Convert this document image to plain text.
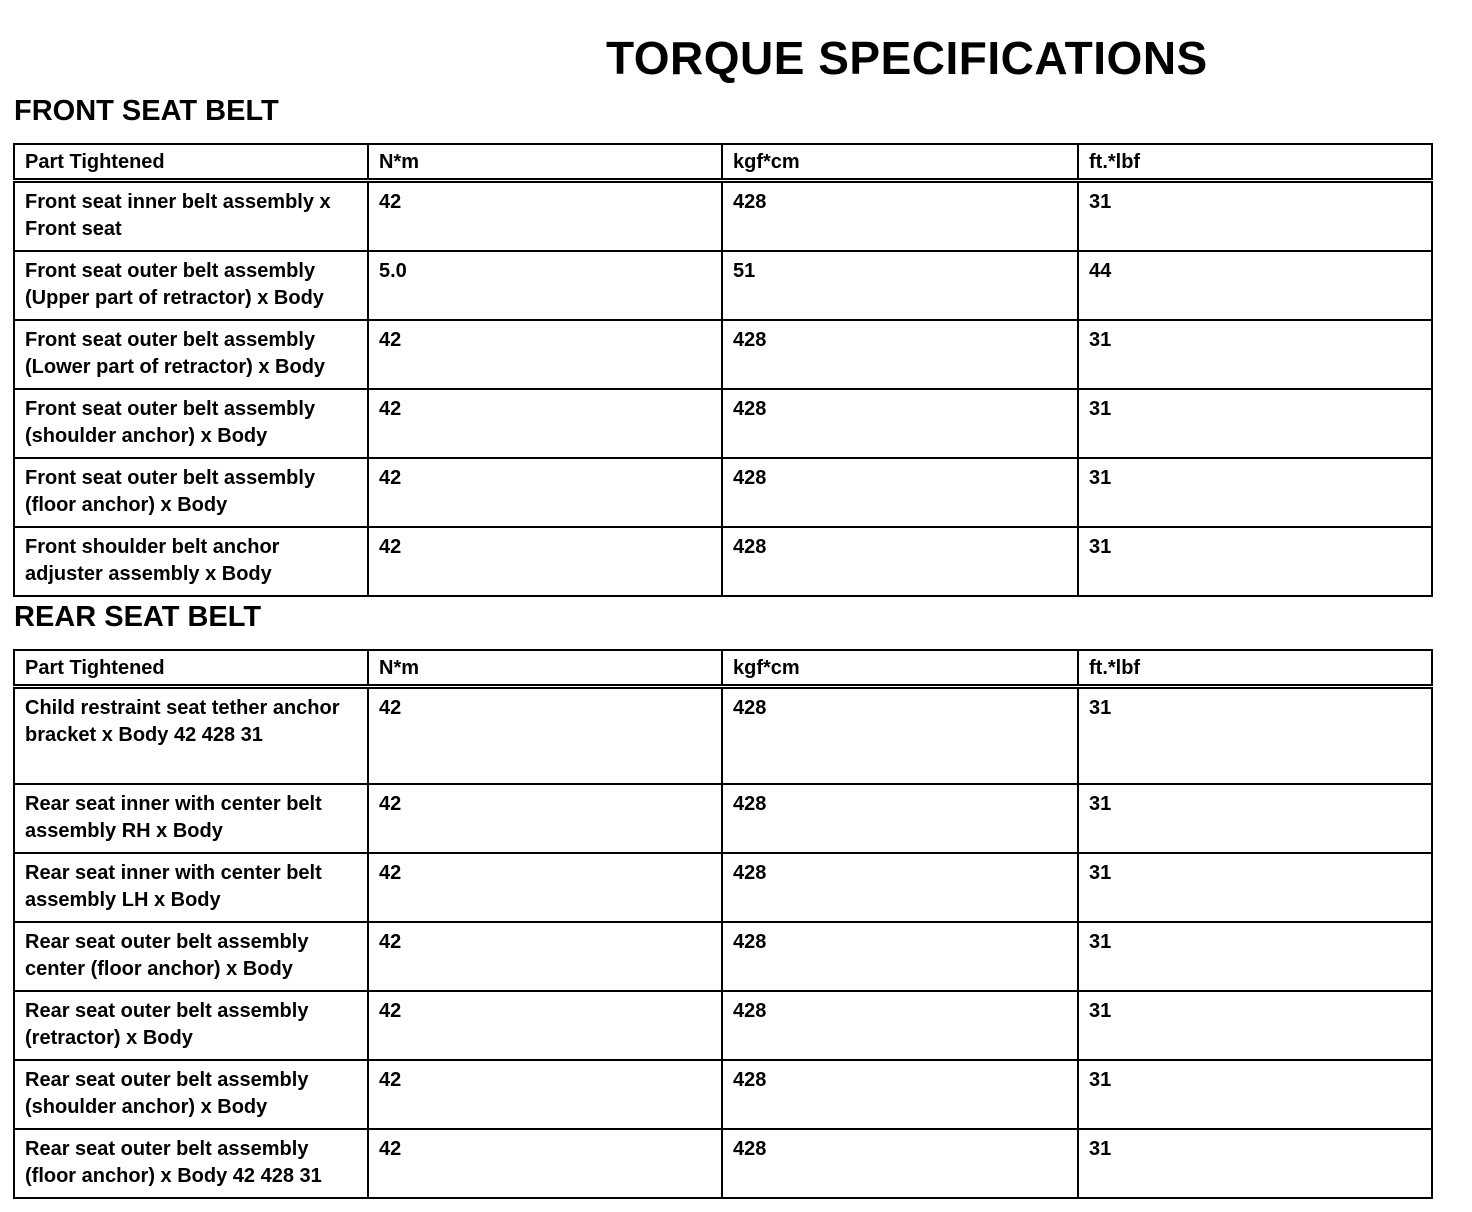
TORQUE SPECIFICATIONS
FRONT SEAT BELT
Part Tightened	N*m	kgf*cm	ft.*lbf
Front seat inner belt assembly x Front seat	42	428	31
Front seat outer belt assembly (Upper part of retractor) x Body	5.0	51	44
Front seat outer belt assembly (Lower part of retractor) x Body	42	428	31
Front seat outer belt assembly (shoulder anchor) x Body	42	428	31
Front seat outer belt assembly (floor anchor) x Body	42	428	31
Front shoulder belt anchor adjuster assembly x Body	42	428	31
REAR SEAT BELT
Part Tightened	N*m	kgf*cm	ft.*lbf
Child restraint seat tether anchor bracket x Body 42 428 31	42	428	31
Rear seat inner with center belt assembly RH x Body	42	428	31
Rear seat inner with center belt assembly LH x Body	42	428	31
Rear seat outer belt assembly center (floor anchor) x Body	42	428	31
Rear seat outer belt assembly (retractor) x Body	42	428	31
Rear seat outer belt assembly (shoulder anchor) x Body	42	428	31
Rear seat outer belt assembly (floor anchor) x Body 42 428 31	42	428	31
